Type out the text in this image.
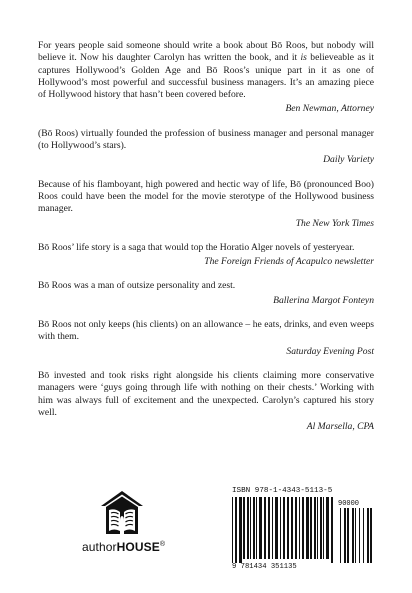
For years people said someone should write a book about Bō Roos, but nobody will believe it. Now his daughter Carolyn has written the book, and it is believeable as it captures Hollywood’s Golden Age and Bō Roos’s unique part in it as one of Hollywood’s most powerful and successful business managers. It’s an amazing piece of Hollywood history that hasn’t been covered before.

Ben Newman, Attorney

(Bō Roos) virtually founded the profession of business manager and personal manager (to Hollywood’s stars).

Daily Variety

Because of his flamboyant, high powered and hectic way of life, Bō (pronounced Boo) Roos could have been the model for the movie sterotype of the Hollywood business manager.

The New York Times

Bō Roos’ life story is a saga that would top the Horatio Alger novels of yesteryear.

The Foreign Friends of Acapulco newsletter

Bō Roos was a man of outsize personality and zest.

Ballerina Margot Fonteyn

Bō Roos not only keeps (his clients) on an allowance – he eats, drinks, and even weeps with them.

Saturday Evening Post

Bō invested and took risks right alongside his clients claiming more conservative managers were ‘guys going through life with nothing on their chests.’ Working with him was always full of excitement and the unexpected. Carolyn’s captured his story well.

Al Marsella, CPA

authorHOUSE®
ISBN 978-1-4343-5113-5
90000
9 781434 351135
